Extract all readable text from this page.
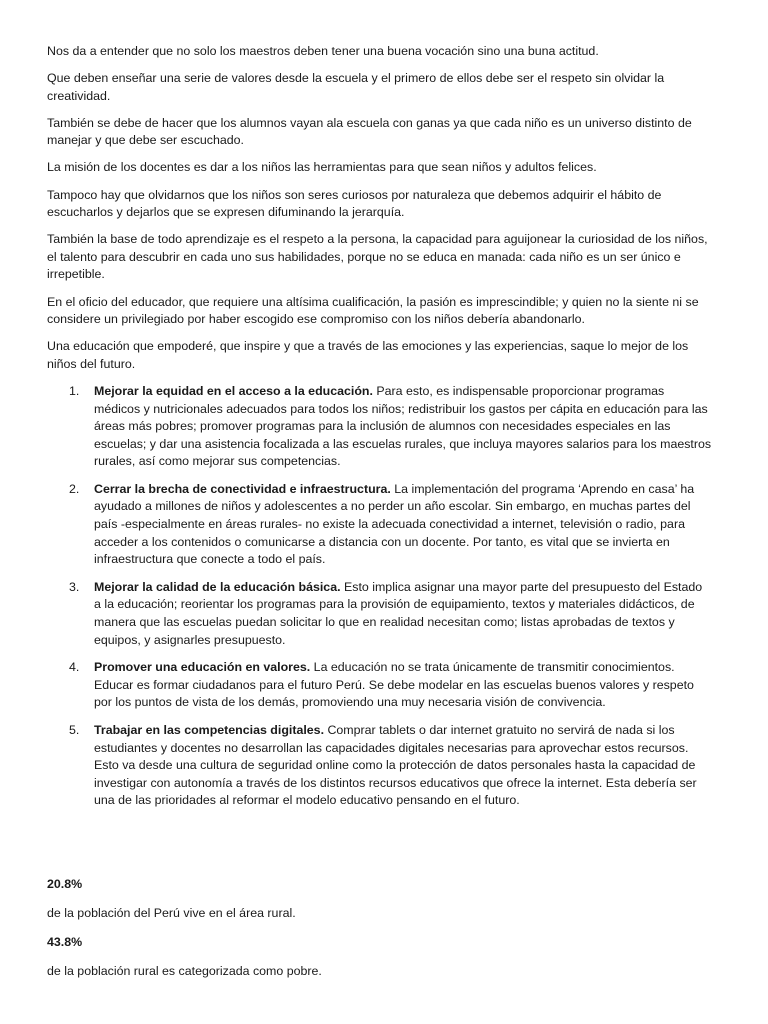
Nos da a entender que no solo los maestros deben tener una buena vocación sino una buna actitud.

Que deben enseñar una serie de valores desde la escuela y el primero de ellos debe ser el respeto sin olvidar la creatividad.

También se debe de hacer que los alumnos vayan ala escuela con ganas ya que cada niño es un universo distinto de manejar y que debe ser escuchado.

La misión de los docentes es dar a los niños las herramientas para que sean niños y adultos felices.

Tampoco hay que olvidarnos que los niños son seres curiosos por naturaleza que debemos adquirir el hábito de escucharlos y dejarlos que se expresen difuminando la jerarquía.

También la base de todo aprendizaje es el respeto a la persona, la capacidad para aguijonear la curiosidad de los niños, el talento para descubrir en cada uno sus habilidades, porque no se educa en manada: cada niño es un ser único e irrepetible.

En el oficio del educador, que requiere una altísima cualificación, la pasión es imprescindible; y quien no la siente ni se considere un privilegiado por haber escogido ese compromiso con los niños debería abandonarlo.

Una educación que empoderé, que inspire y que a través de las emociones y las experiencias, saque lo mejor de los niños del futuro.

1. Mejorar la equidad en el acceso a la educación. Para esto, es indispensable proporcionar programas médicos y nutricionales adecuados para todos los niños; redistribuir los gastos per cápita en educación para las áreas más pobres; promover programas para la inclusión de alumnos con necesidades especiales en las escuelas; y dar una asistencia focalizada a las escuelas rurales, que incluya mayores salarios para los maestros rurales, así como mejorar sus competencias.
2. Cerrar la brecha de conectividad e infraestructura. La implementación del programa ‘Aprendo en casa’ ha ayudado a millones de niños y adolescentes a no perder un año escolar. Sin embargo, en muchas partes del país -especialmente en áreas rurales- no existe la adecuada conectividad a internet, televisión o radio, para acceder a los contenidos o comunicarse a distancia con un docente. Por tanto, es vital que se invierta en infraestructura que conecte a todo el país.
3. Mejorar la calidad de la educación básica. Esto implica asignar una mayor parte del presupuesto del Estado a la educación; reorientar los programas para la provisión de equipamiento, textos y materiales didácticos, de manera que las escuelas puedan solicitar lo que en realidad necesitan como; listas aprobadas de textos y equipos, y asignarles presupuesto.
4. Promover una educación en valores. La educación no se trata únicamente de transmitir conocimientos. Educar es formar ciudadanos para el futuro Perú. Se debe modelar en las escuelas buenos valores y respeto por los puntos de vista de los demás, promoviendo una muy necesaria visión de convivencia.
5. Trabajar en las competencias digitales. Comprar tablets o dar internet gratuito no servirá de nada si los estudiantes y docentes no desarrollan las capacidades digitales necesarias para aprovechar estos recursos. Esto va desde una cultura de seguridad online como la protección de datos personales hasta la capacidad de investigar con autonomía a través de los distintos recursos educativos que ofrece la internet. Esta debería ser una de las prioridades al reformar el modelo educativo pensando en el futuro.

20.8%

de la población del Perú vive en el área rural.

43.8%

de la población rural es categorizada como pobre.
